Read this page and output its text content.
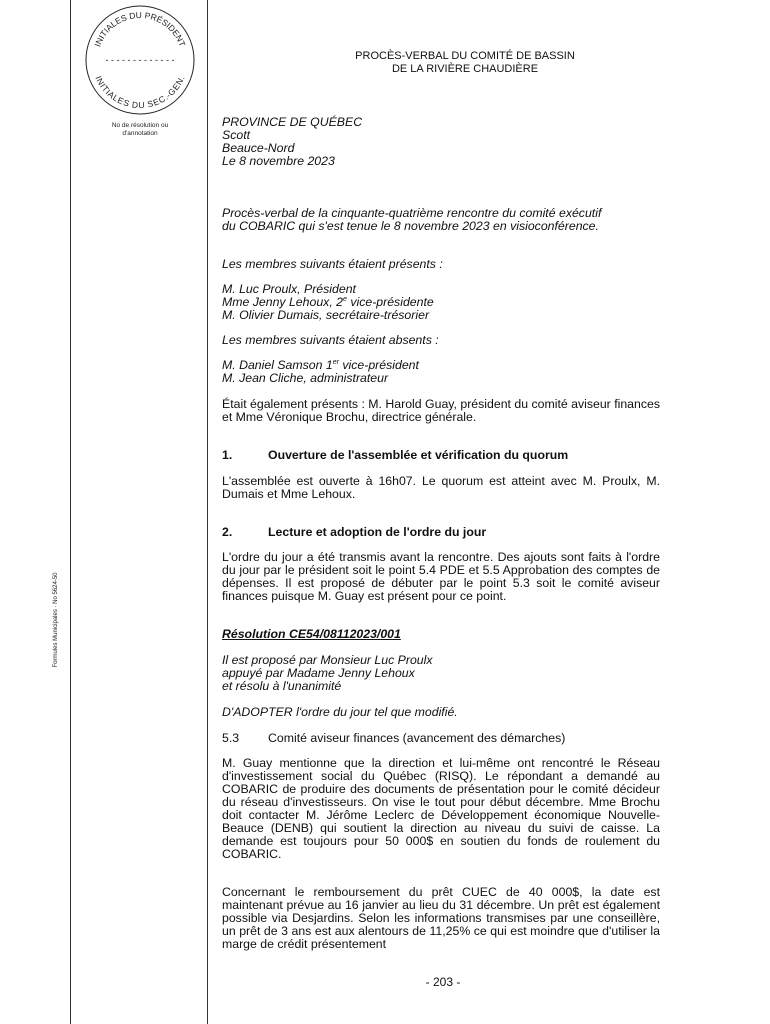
INITIALES DU PRÉSIDENT
- - - - - - - - - - - - -
INITIALES DU SEC.-GEN.
No de résolution ou d'annotation
Formules Municipales · No 5624-50
PROCÈS-VERBAL DU COMITÉ DE BASSIN
DE LA RIVIÈRE CHAUDIÈRE
PROVINCE DE QUÉBEC
Scott
Beauce-Nord
Le 8 novembre 2023
Procès-verbal de la cinquante-quatrième rencontre du comité exécutif
du COBARIC qui s'est tenue le 8 novembre 2023 en visioconférence.
Les membres suivants étaient présents :
M. Luc Proulx, Président
Mme Jenny Lehoux, 2e vice-présidente
M. Olivier Dumais, secrétaire-trésorier
Les membres suivants étaient absents :
M. Daniel Samson 1er vice-président
M. Jean Cliche, administrateur
Était également présents : M. Harold Guay, président du comité aviseur finances et Mme Véronique Brochu, directrice générale.
1.	Ouverture de l'assemblée et vérification du quorum
L'assemblée est ouverte à 16h07. Le quorum est atteint avec M. Proulx, M. Dumais et Mme Lehoux.
2.	Lecture et adoption de l'ordre du jour
L'ordre du jour a été transmis avant la rencontre. Des ajouts sont faits à l'ordre du jour par le président soit le point 5.4 PDE et 5.5 Approbation des comptes de dépenses. Il est proposé de débuter par le point 5.3 soit le comité aviseur finances puisque M. Guay est présent pour ce point.
Résolution CE54/08112023/001
Il est proposé par Monsieur Luc Proulx
appuyé par Madame Jenny Lehoux
et résolu à l'unanimité
D'ADOPTER l'ordre du jour tel que modifié.
5.3 Comité aviseur finances (avancement des démarches)
M. Guay mentionne que la direction et lui-même ont rencontré le Réseau d'investissement social du Québec (RISQ). Le répondant a demandé au COBARIC de produire des documents de présentation pour le comité décideur du réseau d'investisseurs. On vise le tout pour début décembre. Mme Brochu doit contacter M. Jérôme Leclerc de Développement économique Nouvelle-Beauce (DENB) qui soutient la direction au niveau du suivi de caisse. La demande est toujours pour 50 000$ en soutien du fonds de roulement du COBARIC.
Concernant le remboursement du prêt CUEC de 40 000$, la date est maintenant prévue au 16 janvier au lieu du 31 décembre. Un prêt est également possible via Desjardins. Selon les informations transmises par une conseillère, un prêt de 3 ans est aux alentours de 11,25% ce qui est moindre que d'utiliser la marge de crédit présentement
- 203 -
